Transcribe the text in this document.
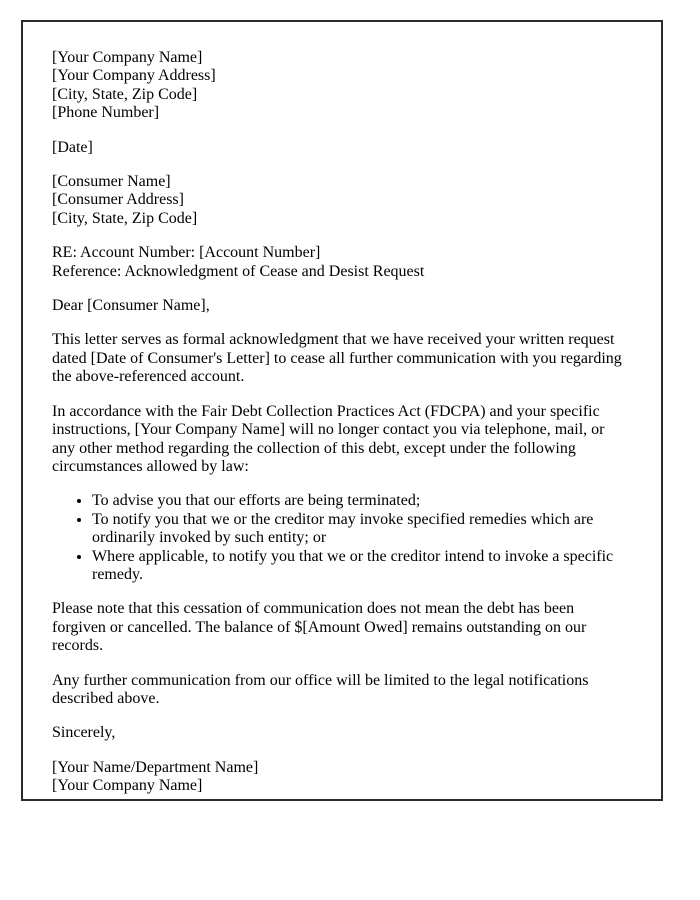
[Your Company Name]
[Your Company Address]
[City, State, Zip Code]
[Phone Number]
[Date]
[Consumer Name]
[Consumer Address]
[City, State, Zip Code]
RE: Account Number: [Account Number]
Reference: Acknowledgment of Cease and Desist Request

Dear [Consumer Name],

This letter serves as formal acknowledgment that we have received your written request dated [Date of Consumer's Letter] to cease all further communication with you regarding the above-referenced account.

In accordance with the Fair Debt Collection Practices Act (FDCPA) and your specific instructions, [Your Company Name] will no longer contact you via telephone, mail, or any other method regarding the collection of this debt, except under the following circumstances allowed by law:

• To advise you that our efforts are being terminated;
• To notify you that we or the creditor may invoke specified remedies which are ordinarily invoked by such entity; or
• Where applicable, to notify you that we or the creditor intend to invoke a specific remedy.

Please note that this cessation of communication does not mean the debt has been forgiven or cancelled. The balance of $[Amount Owed] remains outstanding on our records.

Any further communication from our office will be limited to the legal notifications described above.

Sincerely,

[Your Name/Department Name]
[Your Company Name]
